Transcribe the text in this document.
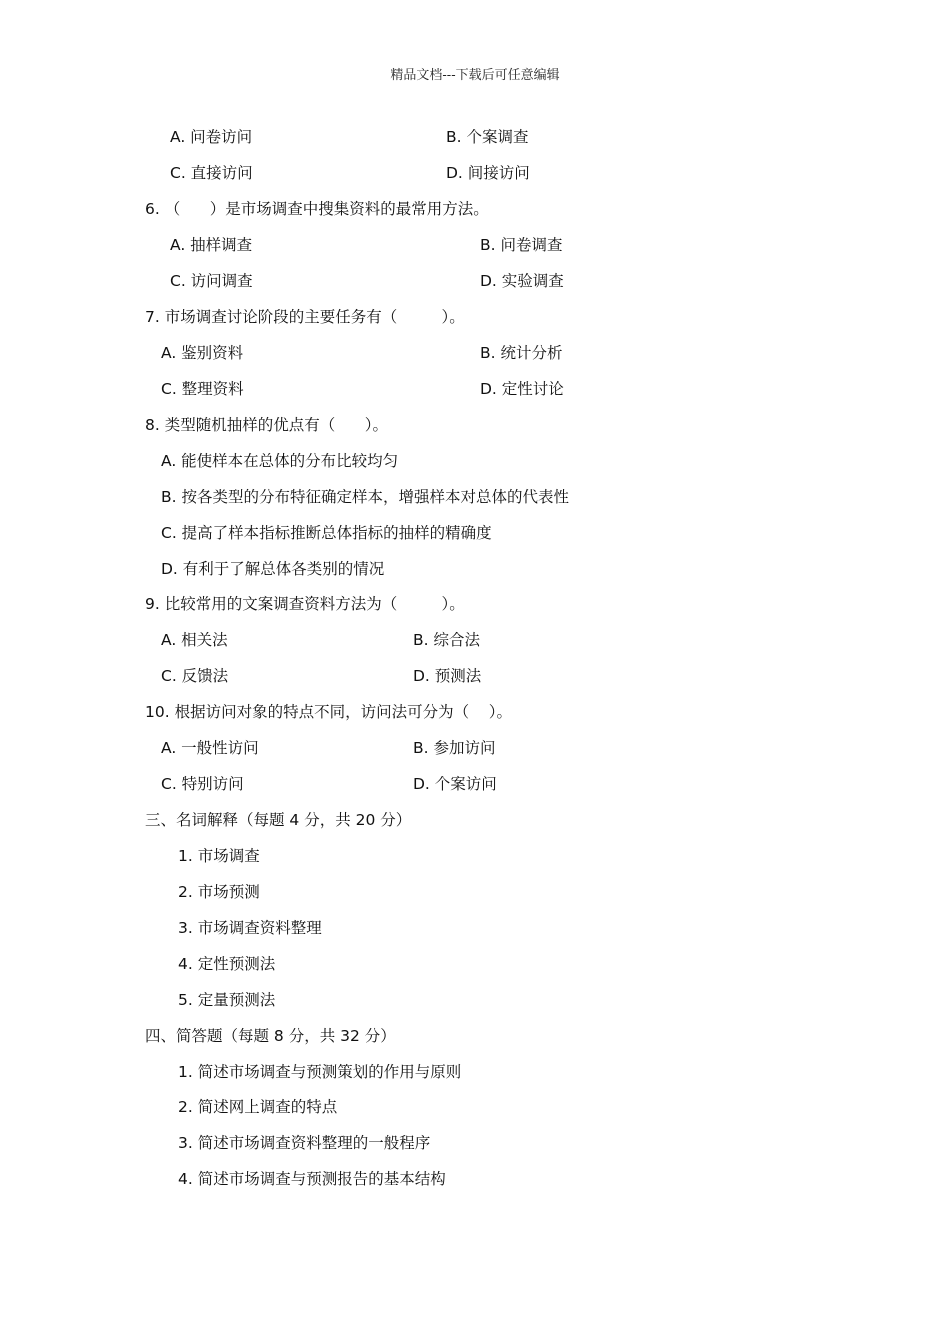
精品文档---下载后可任意编辑
A. 问卷访问	B. 个案调查
C. 直接访问	D. 间接访问
6. （      ）是市场调查中搜集资料的最常用方法。
A. 抽样调查	B. 问卷调查
C. 访问调查	D. 实验调查
7. 市场调查讨论阶段的主要任务有（         ）。
A. 鉴别资料	B. 统计分析
C. 整理资料	D. 定性讨论
8. 类型随机抽样的优点有（      ）。
A. 能使样本在总体的分布比较均匀
B. 按各类型的分布特征确定样本，增强样本对总体的代表性
C. 提高了样本指标推断总体指标的抽样的精确度
D. 有利于了解总体各类别的情况
9. 比较常用的文案调查资料方法为（         ）。
A. 相关法	B. 综合法
C. 反馈法	D. 预测法
10. 根据访问对象的特点不同，访问法可分为（    ）。
A. 一般性访问	B. 参加访问
C. 特别访问	D. 个案访问
三、名词解释（每题 4 分，共 20 分）
1. 市场调查
2. 市场预测
3. 市场调查资料整理
4. 定性预测法
5. 定量预测法
四、简答题（每题 8 分，共 32 分）
1. 简述市场调查与预测策划的作用与原则
2. 简述网上调查的特点
3. 简述市场调查资料整理的一般程序
4. 简述市场调查与预测报告的基本结构
